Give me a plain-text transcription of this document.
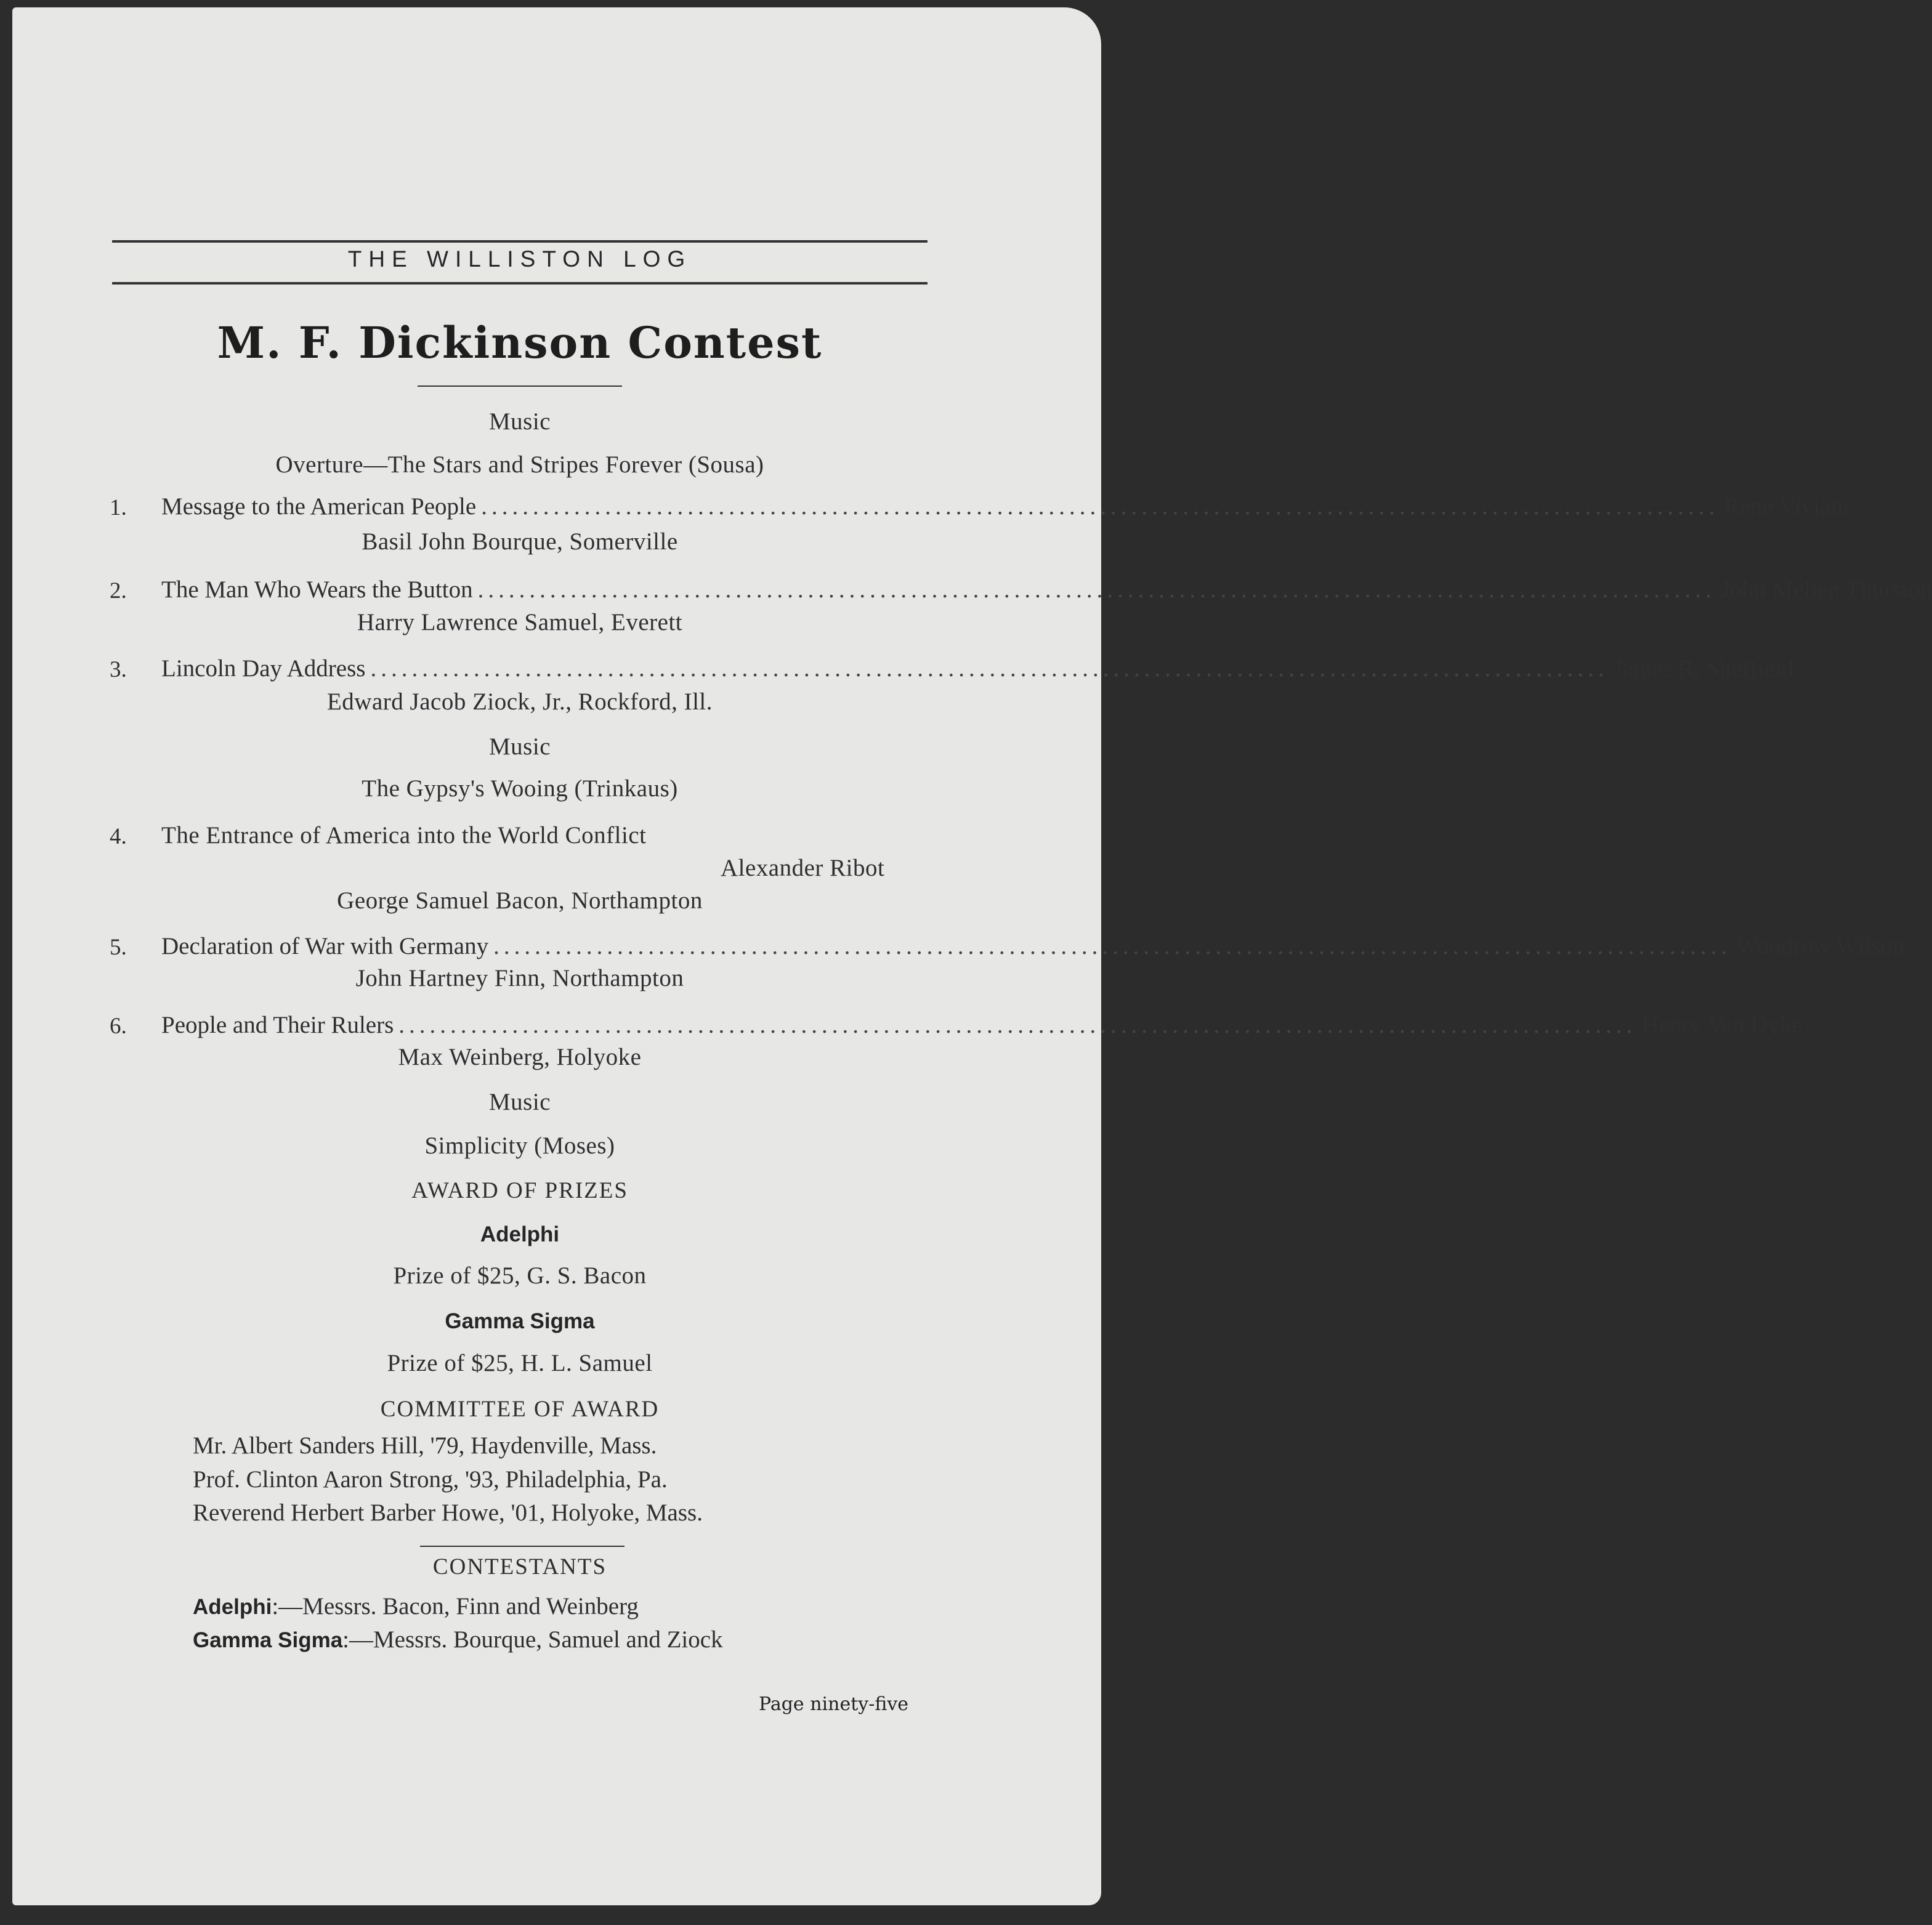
THE WILLISTON LOG
M. F. Dickinson Contest
Music
Overture—The Stars and Stripes Forever (Sousa)
1. Message to the American People ........................................................................................................................ Rene Viviani
Basil John Bourque, Somerville
2. The Man Who Wears the Button ........................................................................................................................ John Mellen Thurston
Harry Lawrence Samuel, Everett
3. Lincoln Day Address ........................................................................................................................ James R. Sheffield
Edward Jacob Ziock, Jr., Rockford, Ill.
Music
The Gypsy's Wooing (Trinkaus)
4. The Entrance of America into the World Conflict
Alexander Ribot
George Samuel Bacon, Northampton
5. Declaration of War with Germany ........................................................................................................................ Woodrow Wilson
John Hartney Finn, Northampton
6. People and Their Rulers ........................................................................................................................ Henry Van Dyke
Max Weinberg, Holyoke
Music
Simplicity (Moses)
AWARD OF PRIZES
Adelphi
Prize of $25, G. S. Bacon
Gamma Sigma
Prize of $25, H. L. Samuel
COMMITTEE OF AWARD
Mr. Albert Sanders Hill, '79, Haydenville, Mass.
Prof. Clinton Aaron Strong, '93, Philadelphia, Pa.
Reverend Herbert Barber Howe, '01, Holyoke, Mass.
CONTESTANTS
Adelphi:—Messrs. Bacon, Finn and Weinberg
Gamma Sigma:—Messrs. Bourque, Samuel and Ziock
Page ninety-five
